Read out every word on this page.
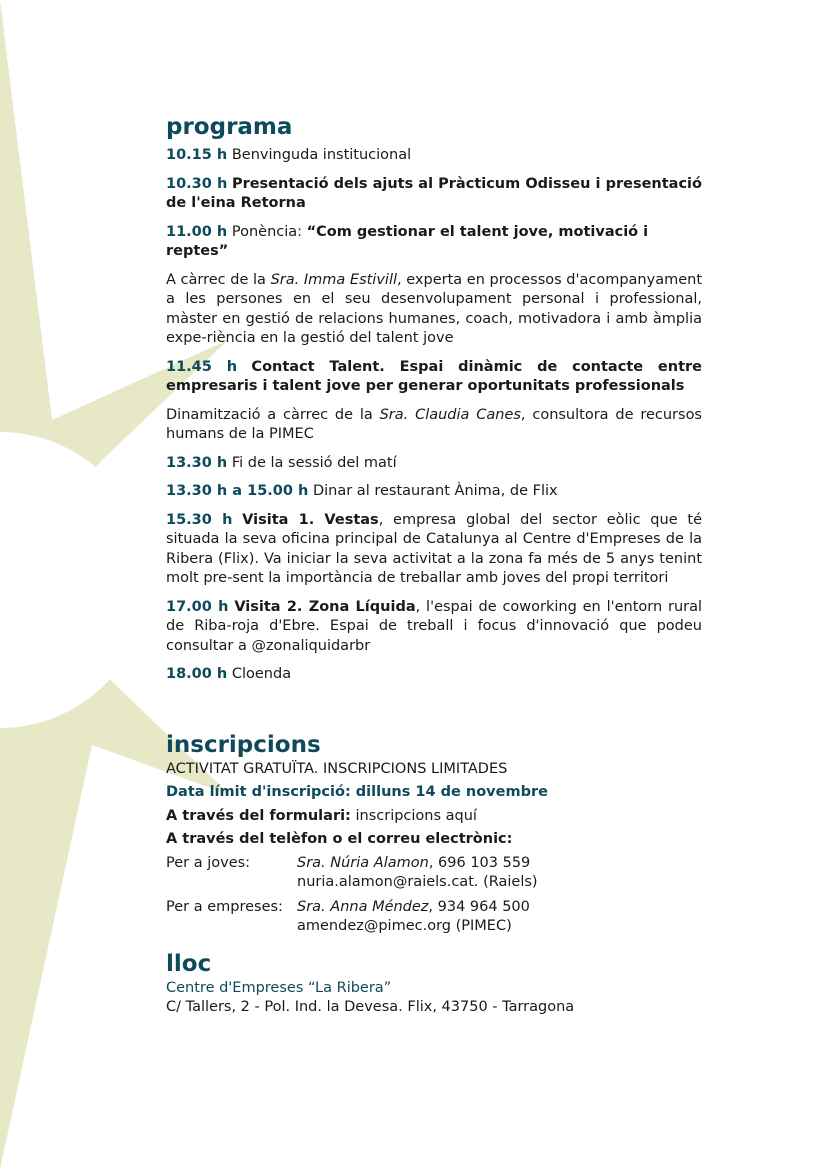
programa

10.15 h Benvinguda institucional

10.30 h Presentació dels ajuts al Pràcticum Odisseu i presentació de l'eina Retorna

11.00 h Ponència: “Com gestionar el talent jove, motivació i reptes”

A càrrec de la Sra. Imma Estivill, experta en processos d'acompanyament a les persones en el seu desenvolupament personal i professional, màster en gestió de relacions humanes, coach, motivadora i amb àmplia expe-riència en la gestió del talent jove

11.45 h Contact Talent. Espai dinàmic de contacte entre empresaris i talent jove per generar oportunitats professionals

Dinamització a càrrec de la Sra. Claudia Canes, consultora de recursos humans de la PIMEC

13.30 h Fi de la sessió del matí

13.30 h a 15.00 h Dinar al restaurant Ànima, de Flix

15.30 h Visita 1. Vestas, empresa global del sector eòlic que té situada la seva oficina principal de Catalunya al Centre d'Empreses de la Ribera (Flix). Va iniciar la seva activitat a la zona fa més de 5 anys tenint molt pre-sent la importància de treballar amb joves del propi territori

17.00 h Visita 2. Zona Líquida, l'espai de coworking en l'entorn rural de Riba-roja d'Ebre. Espai de treball i focus d'innovació que podeu consultar a @zonaliquidarbr

18.00 h Cloenda

inscripcions

ACTIVITAT GRATUÏTA. INSCRIPCIONS LIMITADES

Data límit d'inscripció: dilluns 14 de novembre

A través del formulari: inscripcions aquí

A través del telèfon o el correu electrònic:

Per a joves:	Sra. Núria Alamon, 696 103 559
nuria.alamon@raiels.cat. (Raiels)
Per a empreses: Sra. Anna Méndez, 934 964 500
amendez@pimec.org (PIMEC)
lloc

Centre d'Empreses “La Ribera”

C/ Tallers, 2 - Pol. Ind. la Devesa. Flix, 43750 - Tarragona
